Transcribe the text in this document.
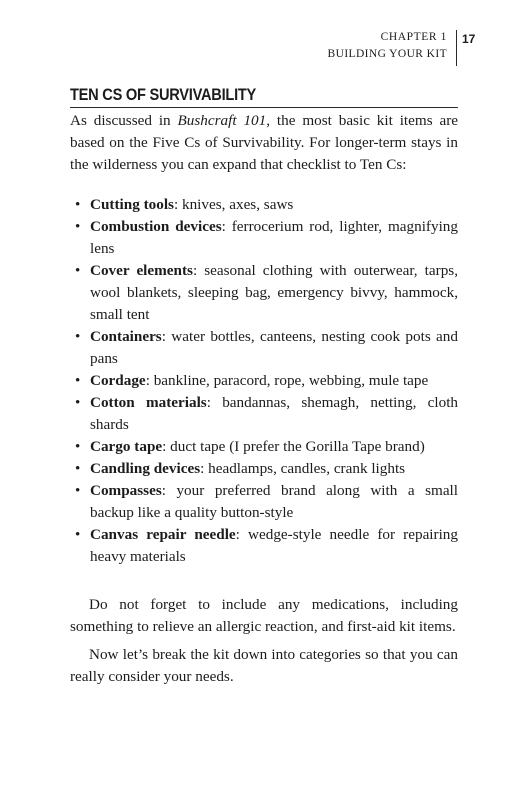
CHAPTER 1
BUILDING YOUR KIT
17
TEN CS OF SURVIVABILITY

As discussed in Bushcraft 101, the most basic kit items are based on the Five Cs of Survivability. For longer-term stays in the wilderness you can expand that checklist to Ten Cs:

• Cutting tools: knives, axes, saws
• Combustion devices: ferrocerium rod, lighter, magnifying lens
• Cover elements: seasonal clothing with outerwear, tarps, wool blankets, sleeping bag, emergency bivvy, hammock, small tent
• Containers: water bottles, canteens, nesting cook pots and pans
• Cordage: bankline, paracord, rope, webbing, mule tape
• Cotton materials: bandannas, shemagh, netting, cloth shards
• Cargo tape: duct tape (I prefer the Gorilla Tape brand)
• Candling devices: headlamps, candles, crank lights
• Compasses: your preferred brand along with a small backup like a quality button-style
• Canvas repair needle: wedge-style needle for repairing heavy materials

Do not forget to include any medications, including something to relieve an allergic reaction, and first-aid kit items.

Now let’s break the kit down into categories so that you can really consider your needs.
